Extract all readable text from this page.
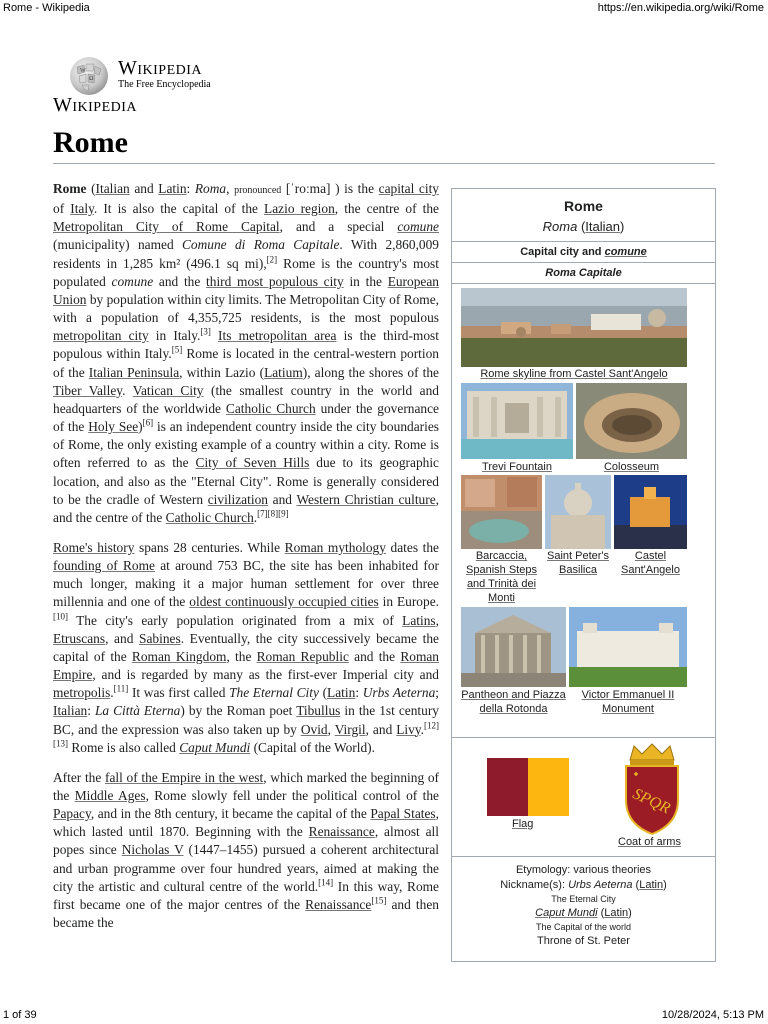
Rome - Wikipedia	https://en.wikipedia.org/wiki/Rome
W
Ω Wikipedia
The Free Encyclopedia
Wikipedia
Rome

Rome (Italian and Latin: Roma, pronounced [ˈroːma] ) is the capital city of Italy. It is also the capital of the Lazio region, the centre of the Metropolitan City of Rome Capital, and a special comune (municipality) named Comune di Roma Capitale. With 2,860,009 residents in 1,285 km² (496.1 sq mi),[2] Rome is the country's most populated comune and the third most populous city in the European Union by population within city limits. The Metropolitan City of Rome, with a population of 4,355,725 residents, is the most populous metropolitan city in Italy.[3] Its metropolitan area is the third-most populous within Italy.[5] Rome is located in the central-western portion of the Italian Peninsula, within Lazio (Latium), along the shores of the Tiber Valley. Vatican City (the smallest country in the world and headquarters of the worldwide Catholic Church under the governance of the Holy See)[6] is an independent country inside the city boundaries of Rome, the only existing example of a country within a city. Rome is often referred to as the City of Seven Hills due to its geographic location, and also as the "Eternal City". Rome is generally considered to be the cradle of Western civilization and Western Christian culture, and the centre of the Catholic Church.[7][8][9]

Rome's history spans 28 centuries. While Roman mythology dates the founding of Rome at around 753 BC, the site has been inhabited for much longer, making it a major human settlement for over three millennia and one of the oldest continuously occupied cities in Europe.[10] The city's early population originated from a mix of Latins, Etruscans, and Sabines. Eventually, the city successively became the capital of the Roman Kingdom, the Roman Republic and the Roman Empire, and is regarded by many as the first-ever Imperial city and metropolis.[11] It was first called The Eternal City (Latin: Urbs Aeterna; Italian: La Città Eterna) by the Roman poet Tibullus in the 1st century BC, and the expression was also taken up by Ovid, Virgil, and Livy.[12][13] Rome is also called Caput Mundi (Capital of the World).

After the fall of the Empire in the west, which marked the beginning of the Middle Ages, Rome slowly fell under the political control of the Papacy, and in the 8th century, it became the capital of the Papal States, which lasted until 1870. Beginning with the Renaissance, almost all popes since Nicholas V (1447–1455) pursued a coherent architectural and urban programme over four hundred years, aimed at making the city the artistic and cultural centre of the world.[14] In this way, Rome first became one of the major centres of the Renaissance[15] and then became the

Rome
Roma (Italian)
Capital city and comune
Roma Capitale
Rome skyline from Castel Sant'Angelo
Trevi Fountain	Colosseum
Barcaccia, Spanish Steps and Trinità dei Monti
Saint Peter's Basilica
Castel Sant'Angelo
Pantheon and Piazza della Rotonda
Victor Emmanuel II Monument
Flag
SPQR
Coat of arms
Etymology: various theories
Nickname(s): Urbs Aeterna (Latin)
The Eternal City
Caput Mundi (Latin)
The Capital of the world
Throne of St. Peter
1 of 39	10/28/2024, 5:13 PM
